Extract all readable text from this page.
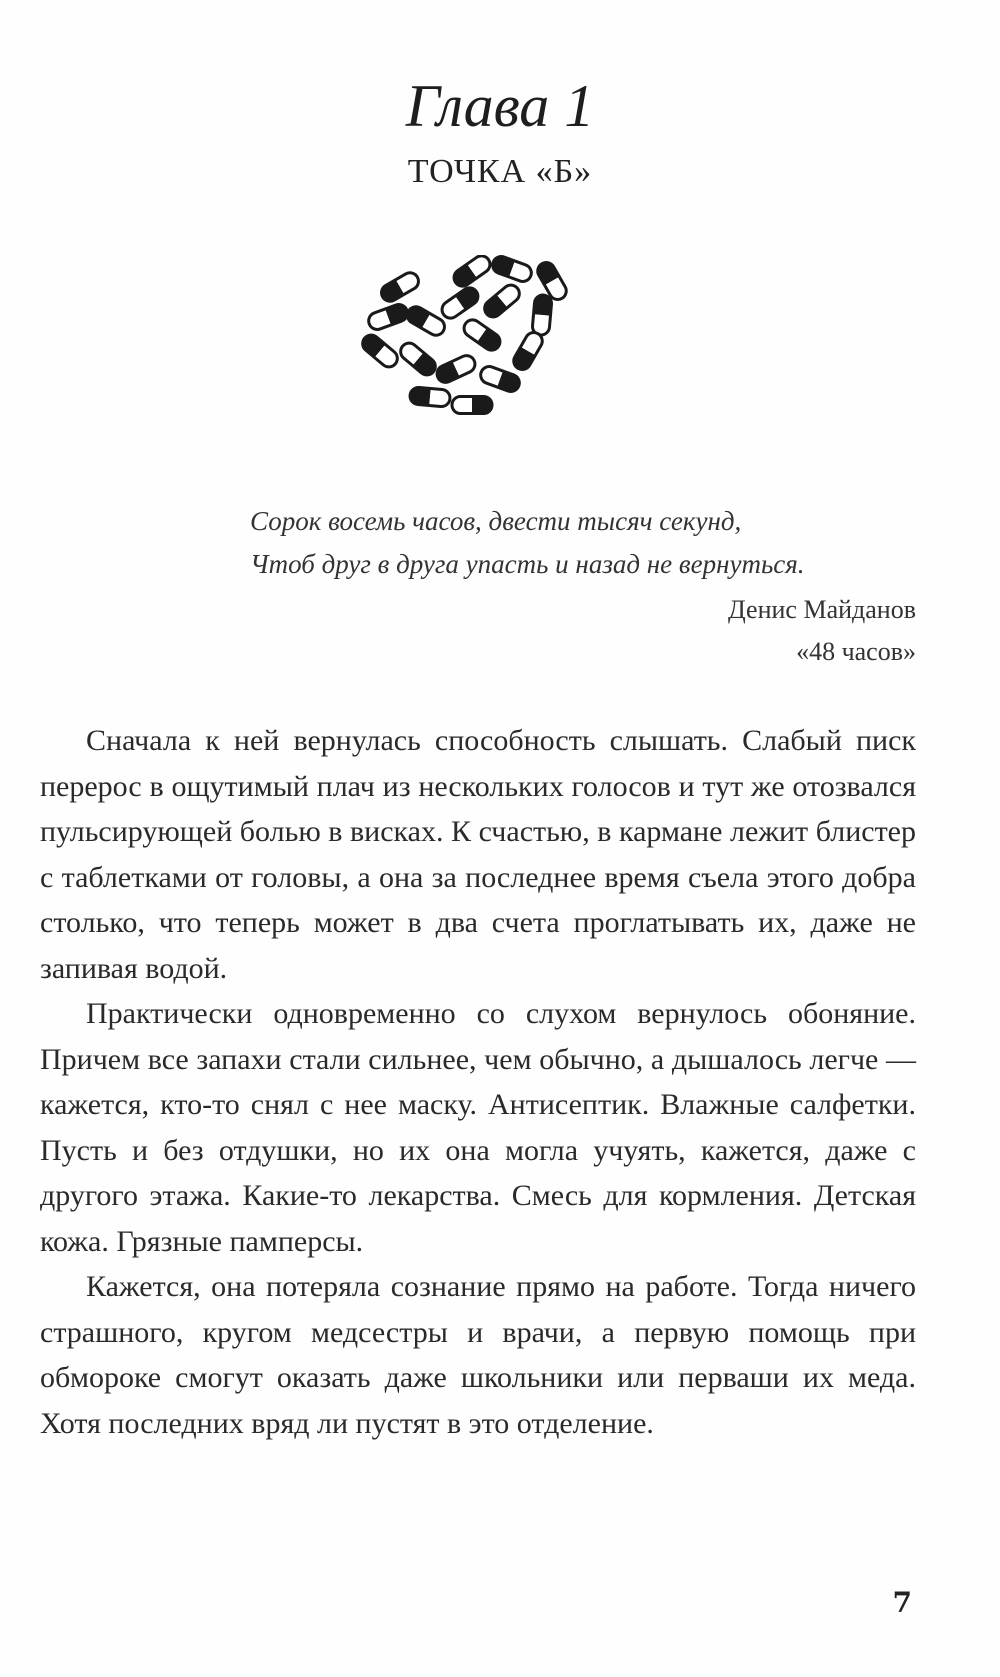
Глава 1
ТОЧКА «Б»

Сорок восемь часов, двести тысяч секунд,

Чтоб друг в друга упасть и назад не вернуться.

Денис Майданов
«48 часов»

Сначала к ней вернулась способность слышать. Слабый писк перерос в ощутимый плач из нескольких голосов и тут же отозвался пульсирующей болью в висках. К счастью, в кармане лежит блистер с таблетками от головы, а она за последнее время съела этого добра столько, что теперь может в два счета проглатывать их, даже не запивая водой.

Практически одновременно со слухом вернулось обоняние. Причем все запахи стали сильнее, чем обычно, а дышалось легче — кажется, кто-то снял с нее маску. Антисептик. Влажные салфетки. Пусть и без отдушки, но их она могла учуять, кажется, даже с другого этажа. Какие-то лекарства. Смесь для кормления. Детская кожа. Грязные памперсы.

Кажется, она потеряла сознание прямо на работе. Тогда ничего страшного, кругом медсестры и врачи, а первую помощь при обмороке смогут оказать даже школьники или перваши их меда. Хотя последних вряд ли пустят в это отделение.

7
